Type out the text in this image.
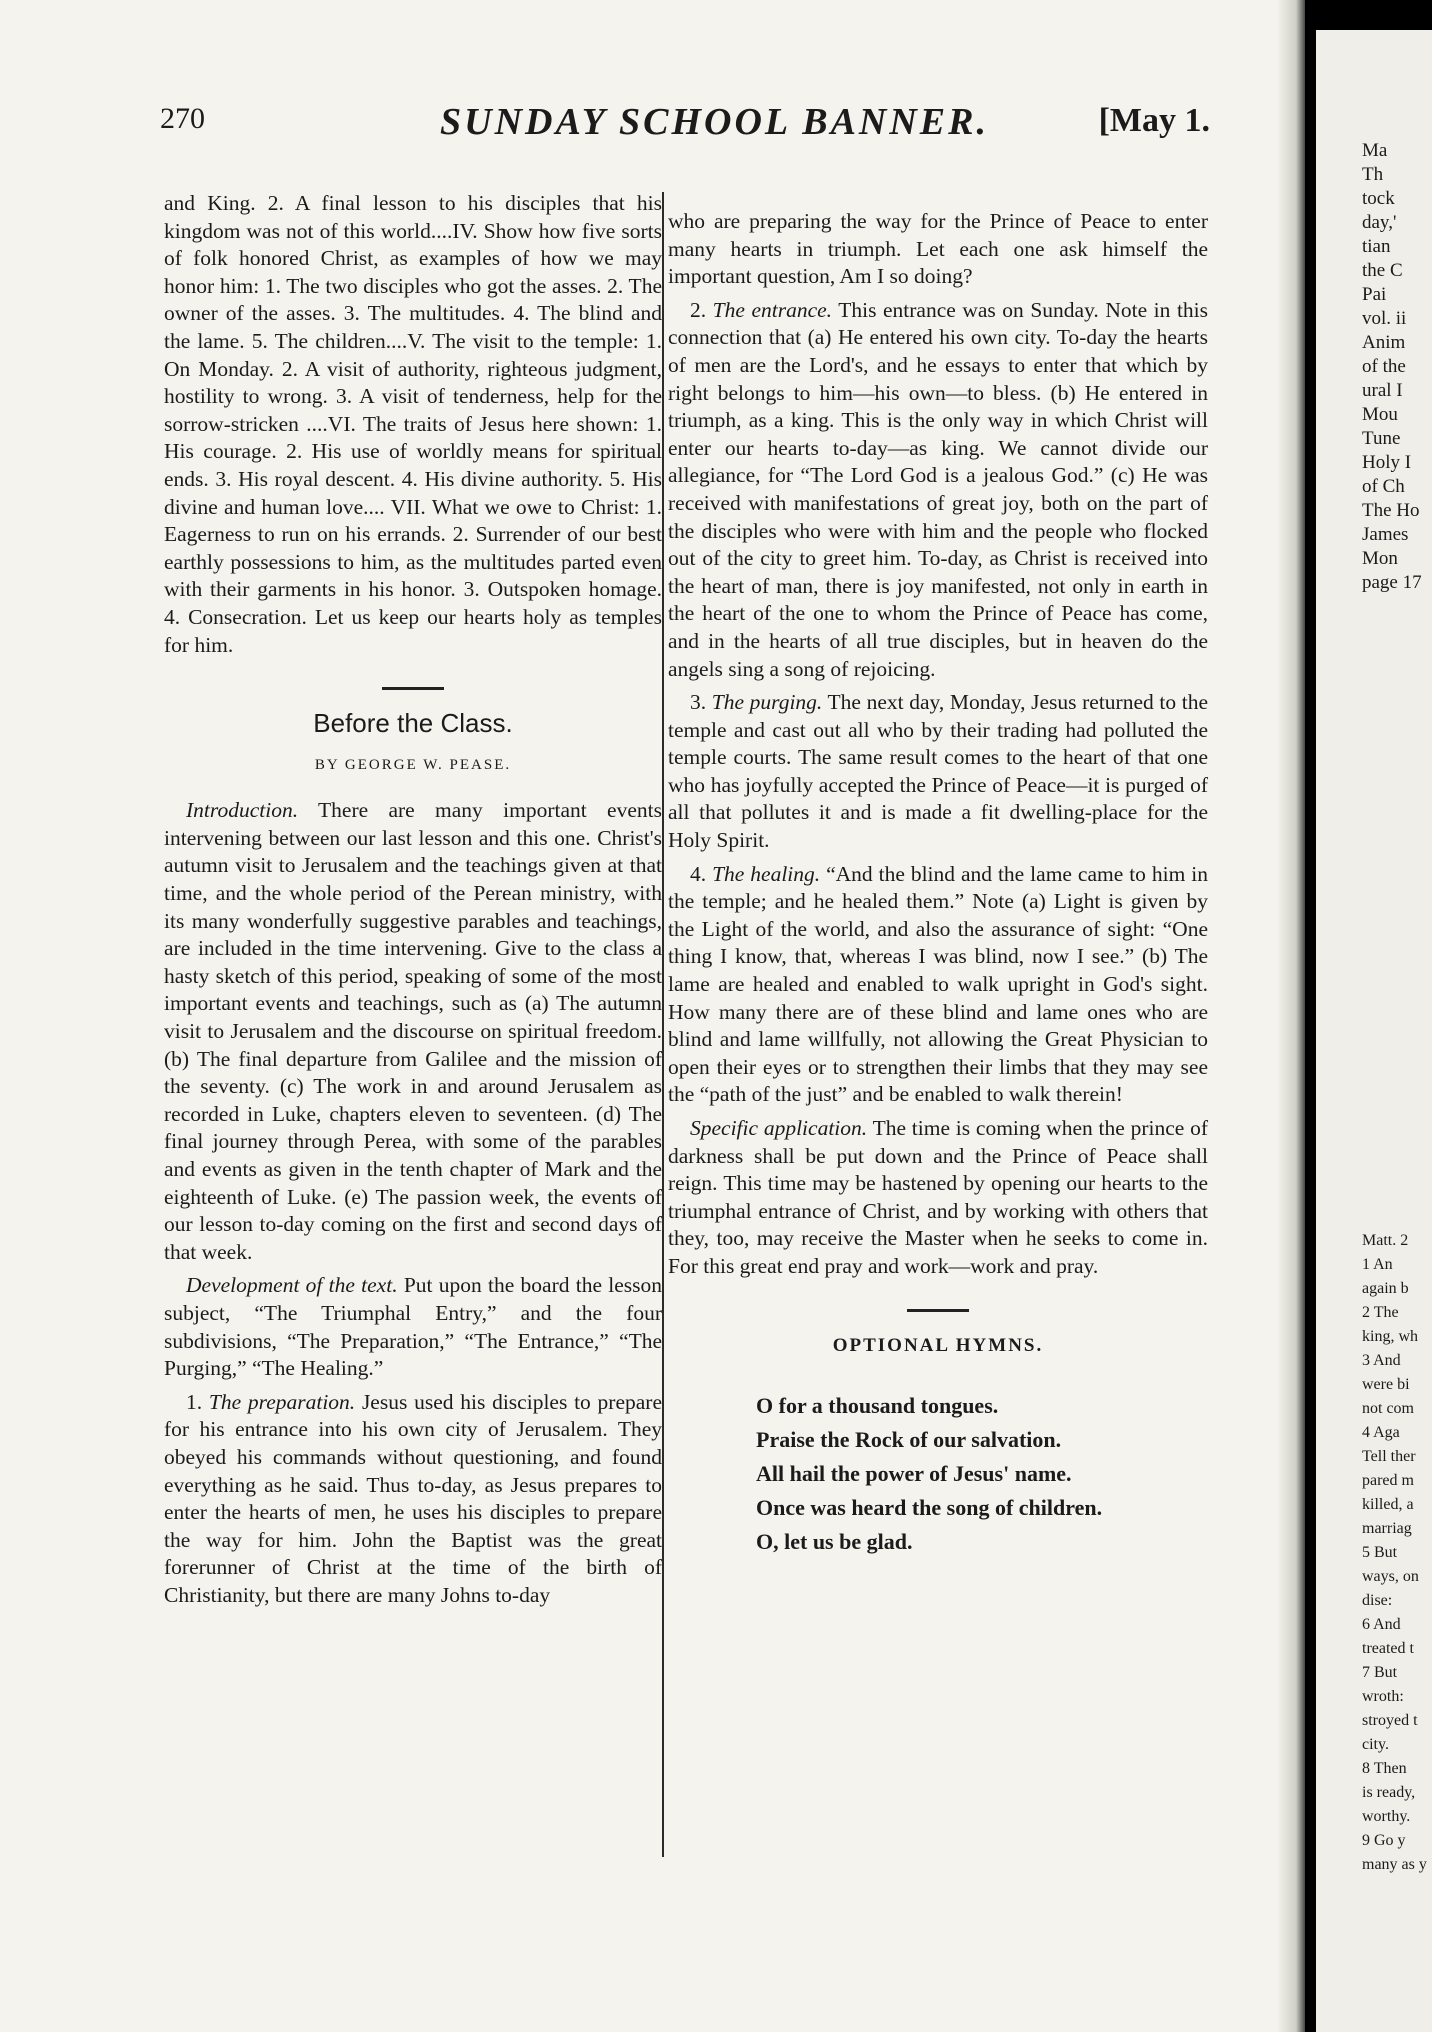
270	SUNDAY SCHOOL BANNER.	[May 1.

and King. 2. A final lesson to his disciples that his kingdom was not of this world....IV. Show how five sorts of folk honored Christ, as examples of how we may honor him: 1. The two disciples who got the asses. 2. The owner of the asses. 3. The multitudes. 4. The blind and the lame. 5. The children....V. The visit to the temple: 1. On Monday. 2. A visit of authority, righteous judgment, hostility to wrong. 3. A visit of tenderness, help for the sorrow-stricken ....VI. The traits of Jesus here shown: 1. His courage. 2. His use of worldly means for spiritual ends. 3. His royal descent. 4. His divine authority. 5. His divine and human love.... VII. What we owe to Christ: 1. Eagerness to run on his errands. 2. Surrender of our best earthly possessions to him, as the multitudes parted even with their garments in his honor. 3. Outspoken homage. 4. Consecration. Let us keep our hearts holy as temples for him.

Before the Class.
BY GEORGE W. PEASE.

Introduction. There are many important events intervening between our last lesson and this one. Christ's autumn visit to Jerusalem and the teachings given at that time, and the whole period of the Perean ministry, with its many wonderfully suggestive parables and teachings, are included in the time intervening. Give to the class a hasty sketch of this period, speaking of some of the most important events and teachings, such as (a) The autumn visit to Jerusalem and the discourse on spiritual freedom. (b) The final departure from Galilee and the mission of the seventy. (c) The work in and around Jerusalem as recorded in Luke, chapters eleven to seventeen. (d) The final journey through Perea, with some of the parables and events as given in the tenth chapter of Mark and the eighteenth of Luke. (e) The passion week, the events of our lesson to-day coming on the first and second days of that week.

Development of the text. Put upon the board the lesson subject, “The Triumphal Entry,” and the four subdivisions, “The Preparation,” “The Entrance,” “The Purging,” “The Healing.”

1. The preparation. Jesus used his disciples to prepare for his entrance into his own city of Jerusalem. They obeyed his commands without questioning, and found everything as he said. Thus to-day, as Jesus prepares to enter the hearts of men, he uses his disciples to prepare the way for him. John the Baptist was the great forerunner of Christ at the time of the birth of Christianity, but there are many Johns to-day

who are preparing the way for the Prince of Peace to enter many hearts in triumph. Let each one ask himself the important question, Am I so doing?

2. The entrance. This entrance was on Sunday. Note in this connection that (a) He entered his own city. To-day the hearts of men are the Lord's, and he essays to enter that which by right belongs to him—his own—to bless. (b) He entered in triumph, as a king. This is the only way in which Christ will enter our hearts to-day—as king. We cannot divide our allegiance, for “The Lord God is a jealous God.” (c) He was received with manifestations of great joy, both on the part of the disciples who were with him and the people who flocked out of the city to greet him. To-day, as Christ is received into the heart of man, there is joy manifested, not only in earth in the heart of the one to whom the Prince of Peace has come, and in the hearts of all true disciples, but in heaven do the angels sing a song of rejoicing.

3. The purging. The next day, Monday, Jesus returned to the temple and cast out all who by their trading had polluted the temple courts. The same result comes to the heart of that one who has joyfully accepted the Prince of Peace—it is purged of all that pollutes it and is made a fit dwelling-place for the Holy Spirit.

4. The healing. “And the blind and the lame came to him in the temple; and he healed them.” Note (a) Light is given by the Light of the world, and also the assurance of sight: “One thing I know, that, whereas I was blind, now I see.” (b) The lame are healed and enabled to walk upright in God's sight. How many there are of these blind and lame ones who are blind and lame willfully, not allowing the Great Physician to open their eyes or to strengthen their limbs that they may see the “path of the just” and be enabled to walk therein!

Specific application. The time is coming when the prince of darkness shall be put down and the Prince of Peace shall reign. This time may be hastened by opening our hearts to the triumphal entrance of Christ, and by working with others that they, too, may receive the Master when he seeks to come in. For this great end pray and work—work and pray.

OPTIONAL HYMNS.
O for a thousand tongues.
Praise the Rock of our salvation.
All hail the power of Jesus' name.
Once was heard the song of children.
O, let us be glad.
Ma
Th
tock
day,'
tian
the C
Pai
vol. ii
Anim
of the
ural I
Mou
Tune
Holy I
of Ch
The Ho
James
Mon
page 17
Matt. 2
1 An
again b
2 The
king, wh
3 And
were bi
not com
4 Aga
Tell ther
pared m
killed, a
marriag
5 But
ways, on
dise:
6 And
treated t
7 But
wroth:
stroyed t
city.
8 Then
is ready,
worthy.
9 Go y
many as y
